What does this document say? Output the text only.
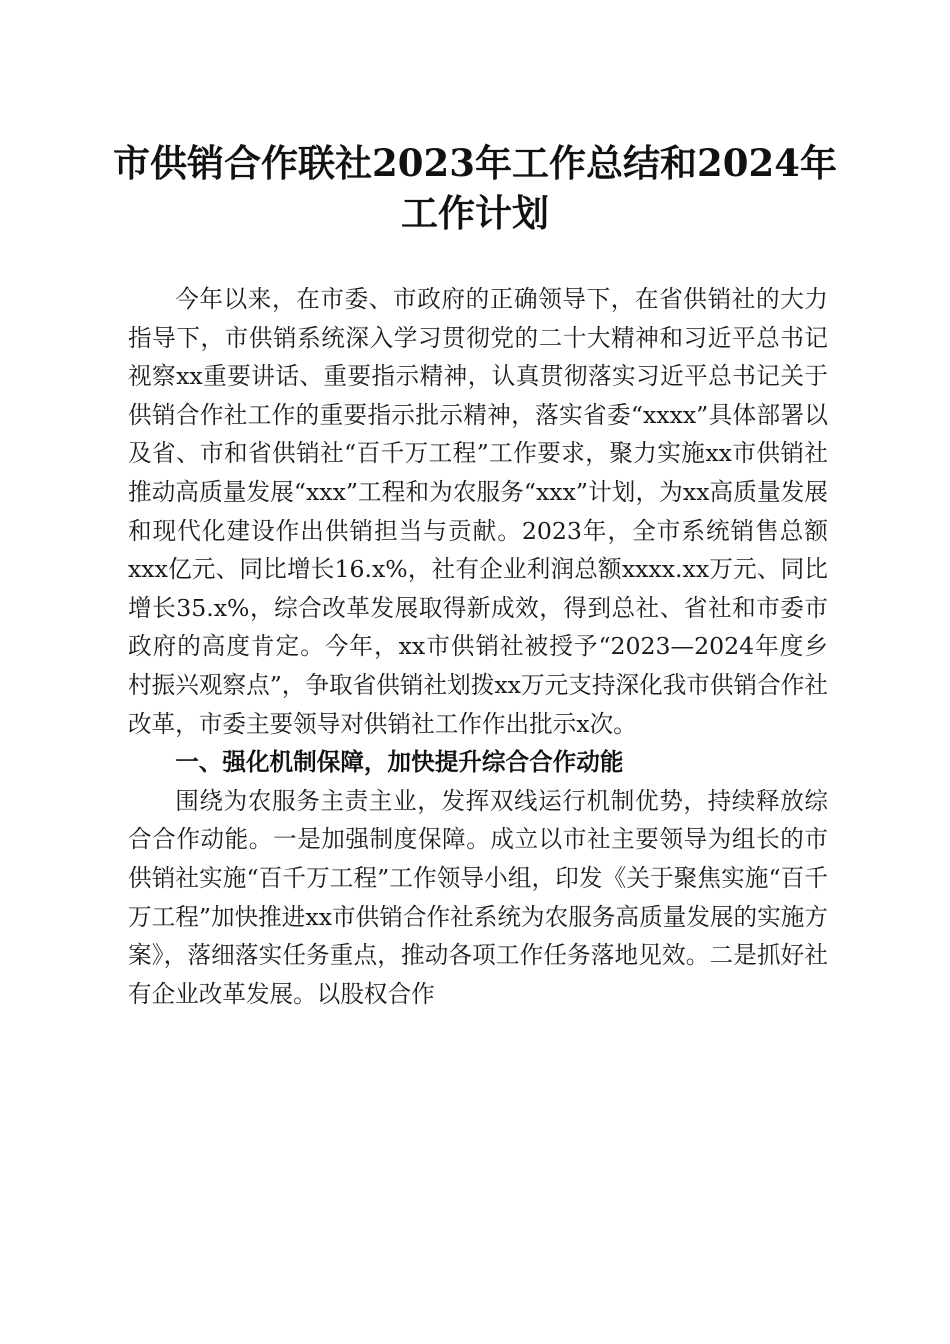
市供销合作联社2023年工作总结和2024年工作计划

今年以来，在市委、市政府的正确领导下，在省供销社的大力指导下，市供销系统深入学习贯彻党的二十大精神和习近平总书记视察xx重要讲话、重要指示精神，认真贯彻落实习近平总书记关于供销合作社工作的重要指示批示精神，落实省委“xxxx”具体部署以及省、市和省供销社“百千万工程”工作要求，聚力实施xx市供销社推动高质量发展“xxx”工程和为农服务“xxx”计划，为xx高质量发展和现代化建设作出供销担当与贡献。2023年，全市系统销售总额xxx亿元、同比增长16.x%，社有企业利润总额xxxx.xx万元、同比增长35.x%，综合改革发展取得新成效，得到总社、省社和市委市政府的高度肯定。今年，xx市供销社被授予“2023—2024年度乡村振兴观察点”，争取省供销社划拨xx万元支持深化我市供销合作社改革，市委主要领导对供销社工作作出批示x次。

一、强化机制保障，加快提升综合合作动能

围绕为农服务主责主业，发挥双线运行机制优势，持续释放综合合作动能。一是加强制度保障。成立以市社主要领导为组长的市供销社实施“百千万工程”工作领导小组，印发《关于聚焦实施“百千万工程”加快推进xx市供销合作社系统为农服务高质量发展的实施方案》，落细落实任务重点，推动各项工作任务落地见效。二是抓好社有企业改革发展。以股权合作
